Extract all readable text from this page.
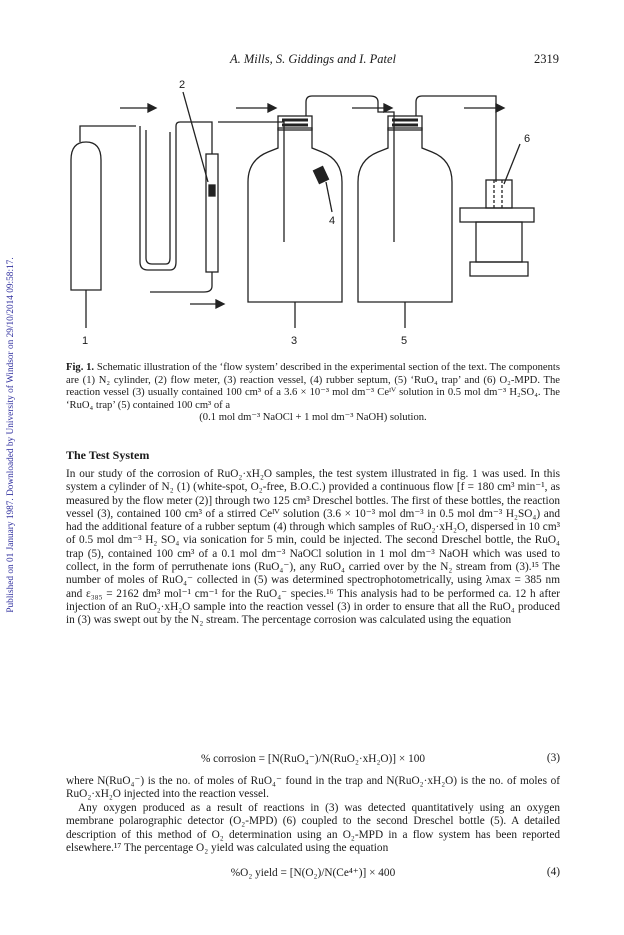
A. Mills, S. Giddings and I. Patel	2319
Published on 01 January 1987. Downloaded by University of Windsor on 29/10/2014 09:58:17.	1
2
3
4
5
6
Fig. 1. Schematic illustration of the ‘flow system’ described in the experimental section of the text. The components are (1) N₂ cylinder, (2) flow meter, (3) reaction vessel, (4) rubber septum, (5) ‘RuO₄ trap’ and (6) O₂-MPD. The reaction vessel (3) usually contained 100 cm³ of a 3.6 × 10⁻³ mol dm⁻³ Ceᴵⱽ solution in 0.5 mol dm⁻³ H₂SO₄. The ‘RuO₄ trap’ (5) contained 100 cm³ of a
(0.1 mol dm⁻³ NaOCl + 1 mol dm⁻³ NaOH) solution.
The Test System

In our study of the corrosion of RuO₂·xH₂O samples, the test system illustrated in fig. 1 was used. In this system a cylinder of N₂ (1) (white-spot, O₂-free, B.O.C.) provided a continuous flow [f = 180 cm³ min⁻¹, as measured by the flow meter (2)] through two 125 cm³ Dreschel bottles. The first of these bottles, the reaction vessel (3), contained 100 cm³ of a stirred Ceᴵⱽ solution (3.6 × 10⁻³ mol dm⁻³ in 0.5 mol dm⁻³ H₂SO₄) and had the additional feature of a rubber septum (4) through which samples of RuO₂·xH₂O, dispersed in 10 cm³ of 0.5 mol dm⁻³ H₂ SO₄ via sonication for 5 min, could be injected. The second Dreschel bottle, the RuO₄ trap (5), contained 100 cm³ of a 0.1 mol dm⁻³ NaOCl solution in 1 mol dm⁻³ NaOH which was used to collect, in the form of perruthenate ions (RuO₄⁻), any RuO₄ carried over by the N₂ stream from (3).¹⁵ The number of moles of RuO₄⁻ collected in (5) was determined spectrophotometrically, using λmax = 385 nm and ε₃₈₅ = 2162 dm³ mol⁻¹ cm⁻¹ for the RuO₄⁻ species.¹⁶ This analysis had to be performed ca. 12 h after injection of an RuO₂·xH₂O sample into the reaction vessel (3) in order to ensure that all the RuO₄ produced in (3) was swept out by the N₂ stream. The percentage corrosion was calculated using the equation

% corrosion = [N(RuO₄⁻)/N(RuO₂·xH₂O)] × 100	(3)

where N(RuO₄⁻) is the no. of moles of RuO₄⁻ found in the trap and N(RuO₂·xH₂O) is the no. of moles of RuO₂·xH₂O injected into the reaction vessel.

Any oxygen produced as a result of reactions in (3) was detected quantitatively using an oxygen membrane polarographic detector (O₂-MPD) (6) coupled to the second Dreschel bottle (5). A detailed description of this method of O₂ determination using an O₂-MPD in a flow system has been reported elsewhere.¹⁷ The percentage O₂ yield was calculated using the equation

%O₂ yield = [N(O₂)/N(Ce⁴⁺)] × 400	(4)
